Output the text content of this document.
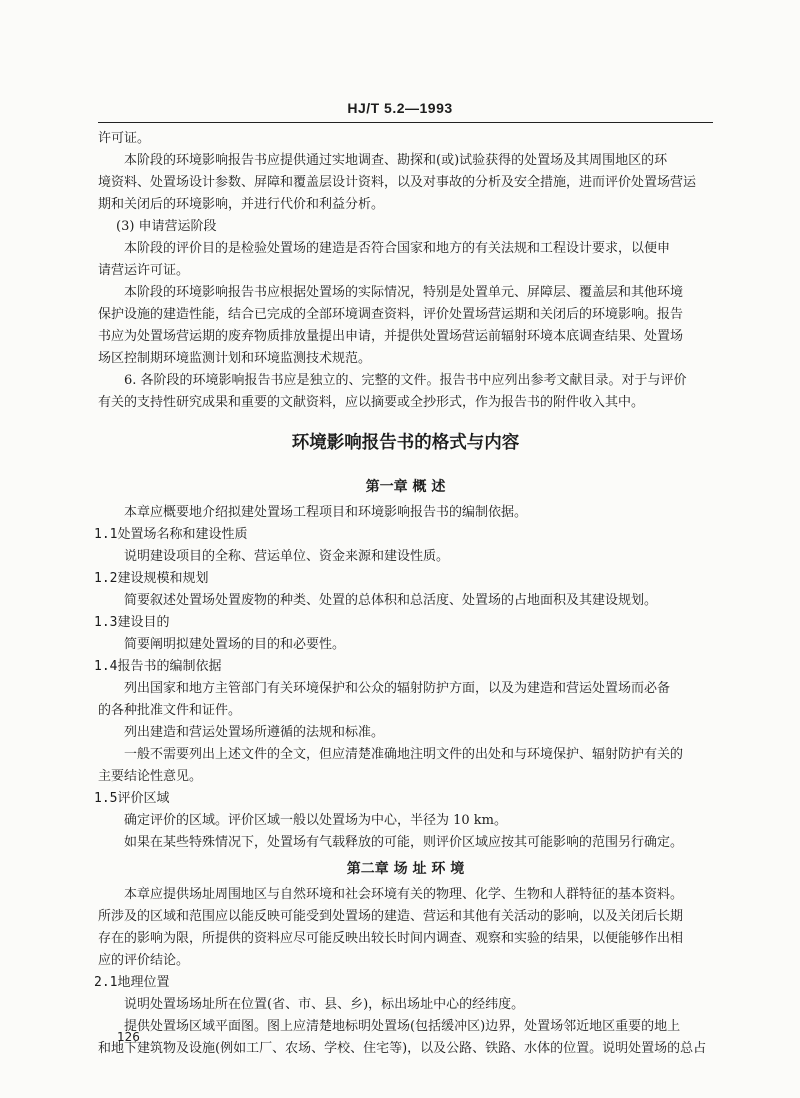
HJ/T 5.2—1993
许可证。
本阶段的环境影响报告书应提供通过实地调查、勘探和(或)试验获得的处置场及其周围地区的环
境资料、处置场设计参数、屏障和覆盖层设计资料，以及对事故的分析及安全措施，进而评价处置场营运
期和关闭后的环境影响，并进行代价和利益分析。
(3) 申请营运阶段
本阶段的评价目的是检验处置场的建造是否符合国家和地方的有关法规和工程设计要求，以便申
请营运许可证。
本阶段的环境影响报告书应根据处置场的实际情况，特别是处置单元、屏障层、覆盖层和其他环境
保护设施的建造性能，结合已完成的全部环境调查资料，评价处置场营运期和关闭后的环境影响。报告
书应为处置场营运期的废弃物质排放量提出申请，并提供处置场营运前辐射环境本底调查结果、处置场
场区控制期环境监测计划和环境监测技术规范。
6. 各阶段的环境影响报告书应是独立的、完整的文件。报告书中应列出参考文献目录。对于与评价
有关的支持性研究成果和重要的文献资料，应以摘要或全抄形式，作为报告书的附件收入其中。
环境影响报告书的格式与内容
第一章 概 述
本章应概要地介绍拟建处置场工程项目和环境影响报告书的编制依据。
1.1处置场名称和建设性质
说明建设项目的全称、营运单位、资金来源和建设性质。
1.2建设规模和规划
简要叙述处置场处置废物的种类、处置的总体积和总活度、处置场的占地面积及其建设规划。
1.3建设目的
简要阐明拟建处置场的目的和必要性。
1.4报告书的编制依据
列出国家和地方主管部门有关环境保护和公众的辐射防护方面，以及为建造和营运处置场而必备
的各种批准文件和证件。
列出建造和营运处置场所遵循的法规和标准。
一般不需要列出上述文件的全文，但应清楚准确地注明文件的出处和与环境保护、辐射防护有关的
主要结论性意见。
1.5评价区域
确定评价的区域。评价区域一般以处置场为中心，半径为 10 km。
如果在某些特殊情况下，处置场有气载释放的可能，则评价区域应按其可能影响的范围另行确定。
第二章 场 址 环 境
本章应提供场址周围地区与自然环境和社会环境有关的物理、化学、生物和人群特征的基本资料。
所涉及的区域和范围应以能反映可能受到处置场的建造、营运和其他有关活动的影响，以及关闭后长期
存在的影响为限，所提供的资料应尽可能反映出较长时间内调查、观察和实验的结果，以便能够作出相
应的评价结论。
2.1地理位置
说明处置场场址所在位置(省、市、县、乡)，标出场址中心的经纬度。
提供处置场区域平面图。图上应清楚地标明处置场(包括缓冲区)边界，处置场邻近地区重要的地上
和地下建筑物及设施(例如工厂、农场、学校、住宅等)，以及公路、铁路、水体的位置。说明处置场的总占
126
